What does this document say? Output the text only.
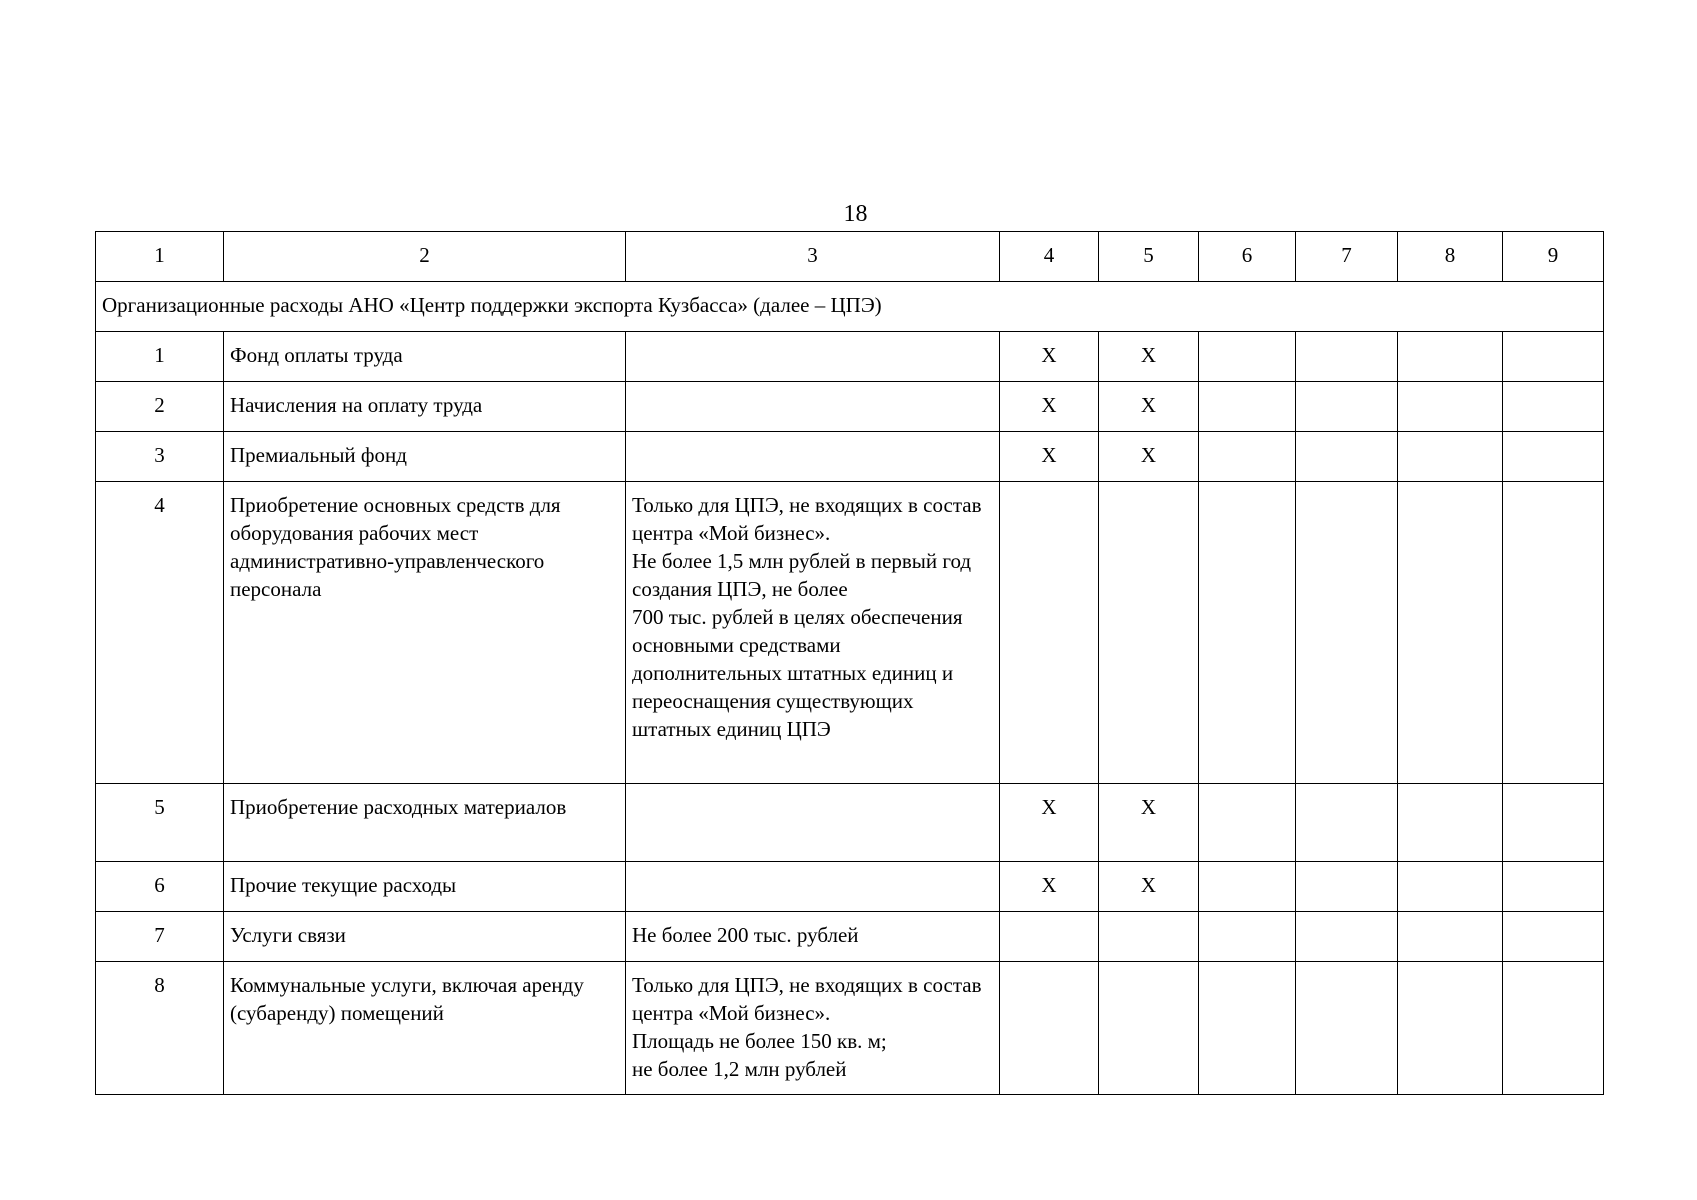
18
1	2	3	4	5	6	7	8	9
Организационные расходы АНО «Центр поддержки экспорта Кузбасса» (далее – ЦПЭ)								
1	Фонд оплаты труда		X	X				
2	Начисления на оплату труда		X	X				
3	Премиальный фонд		X	X				
4	Приобретение основных средств для оборудования рабочих мест административно-управленческого персонала	Только для ЦПЭ, не входящих в состав центра «Мой бизнес».
Не более 1,5 млн рублей в первый год создания ЦПЭ, не более
700 тыс. рублей в целях обеспечения основными средствами дополнительных штатных единиц и переоснащения существующих штатных единиц ЦПЭ						
5	Приобретение расходных материалов		X	X				
6	Прочие текущие расходы		X	X				
7	Услуги связи	Не более 200 тыс. рублей						
8	Коммунальные услуги, включая аренду (субаренду) помещений	Только для ЦПЭ, не входящих в состав центра «Мой бизнес».
Площадь не более 150 кв. м;
не более 1,2 млн рублей						
